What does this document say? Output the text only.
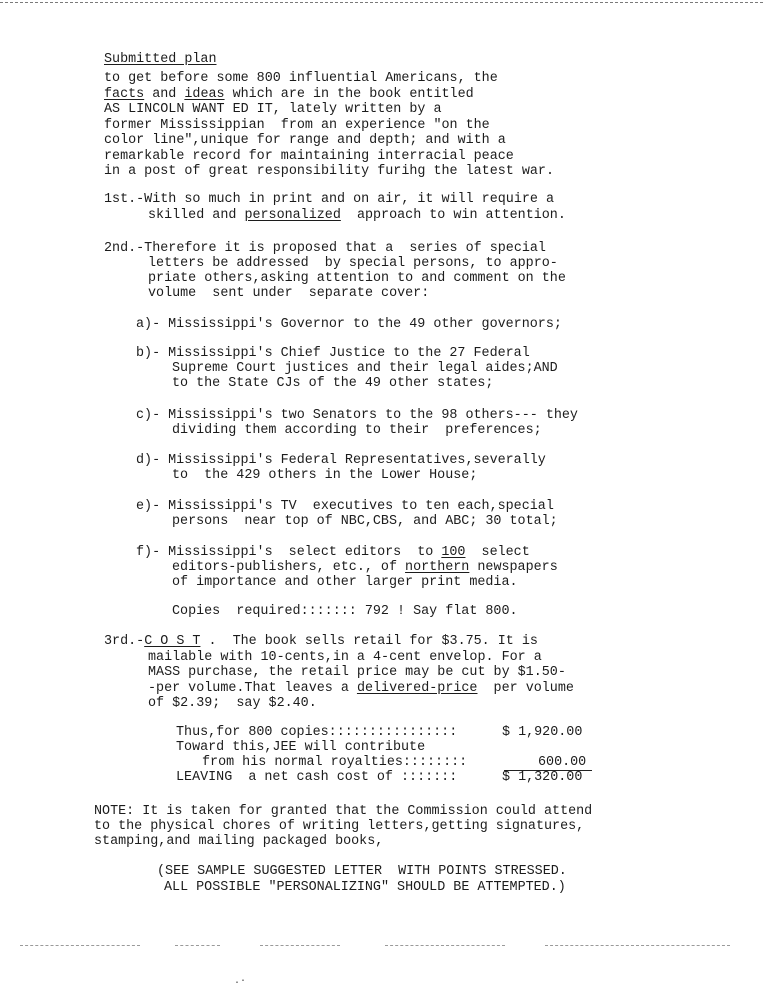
Submitted plan
to get before some 800 influential Americans, the
facts and ideas which are in the book entitled
AS LINCOLN WANT ED IT, lately written by a
former Mississippian  from an experience "on the
color line",unique for range and depth; and with a
remarkable record for maintaining interracial peace
in a post of great responsibility furihg the latest war.
1st.-With so much in print and on air, it will require a
skilled and personalized  approach to win attention.
2nd.-Therefore it is proposed that a  series of special
letters be addressed  by special persons, to appro-
priate others,asking attention to and comment on the
volume  sent under  separate cover:
a)- Mississippi's Governor to the 49 other governors;
b)- Mississippi's Chief Justice to the 27 Federal
Supreme Court justices and their legal aides;AND
to the State CJs of the 49 other states;
c)- Mississippi's two Senators to the 98 others--- they
dividing them according to their  preferences;
d)- Mississippi's Federal Representatives,severally
to  the 429 others in the Lower House;
e)- Mississippi's TV  executives to ten each,special
persons  near top of NBC,CBS, and ABC; 30 total;
f)- Mississippi's  select editors  to 100  select
editors-publishers, etc., of northern newspapers
of importance and other larger print media.
Copies  required::::::: 792 ! Say flat 800.
3rd.-C O S T .  The book sells retail for $3.75. It is
mailable with 10-cents,in a 4-cent envelop. For a
MASS purchase, the retail price may be cut by $1.50-
-per volume.That leaves a delivered-price  per volume
of $2.39;  say $2.40.
Thus,for 800 copies::::::::::::::::	$ 1,920.00
Toward this,JEE will contribute
from his normal royalties::::::::	600.00
LEAVING  a net cash cost of :::::::	$ 1,320.00
NOTE: It is taken for granted that the Commission could attend
to the physical chores of writing letters,getting signatures,
stamping,and mailing packaged books,
(SEE SAMPLE SUGGESTED LETTER  WITH POINTS STRESSED.
ALL POSSIBLE "PERSONALIZING" SHOULD BE ATTEMPTED.)
.·
